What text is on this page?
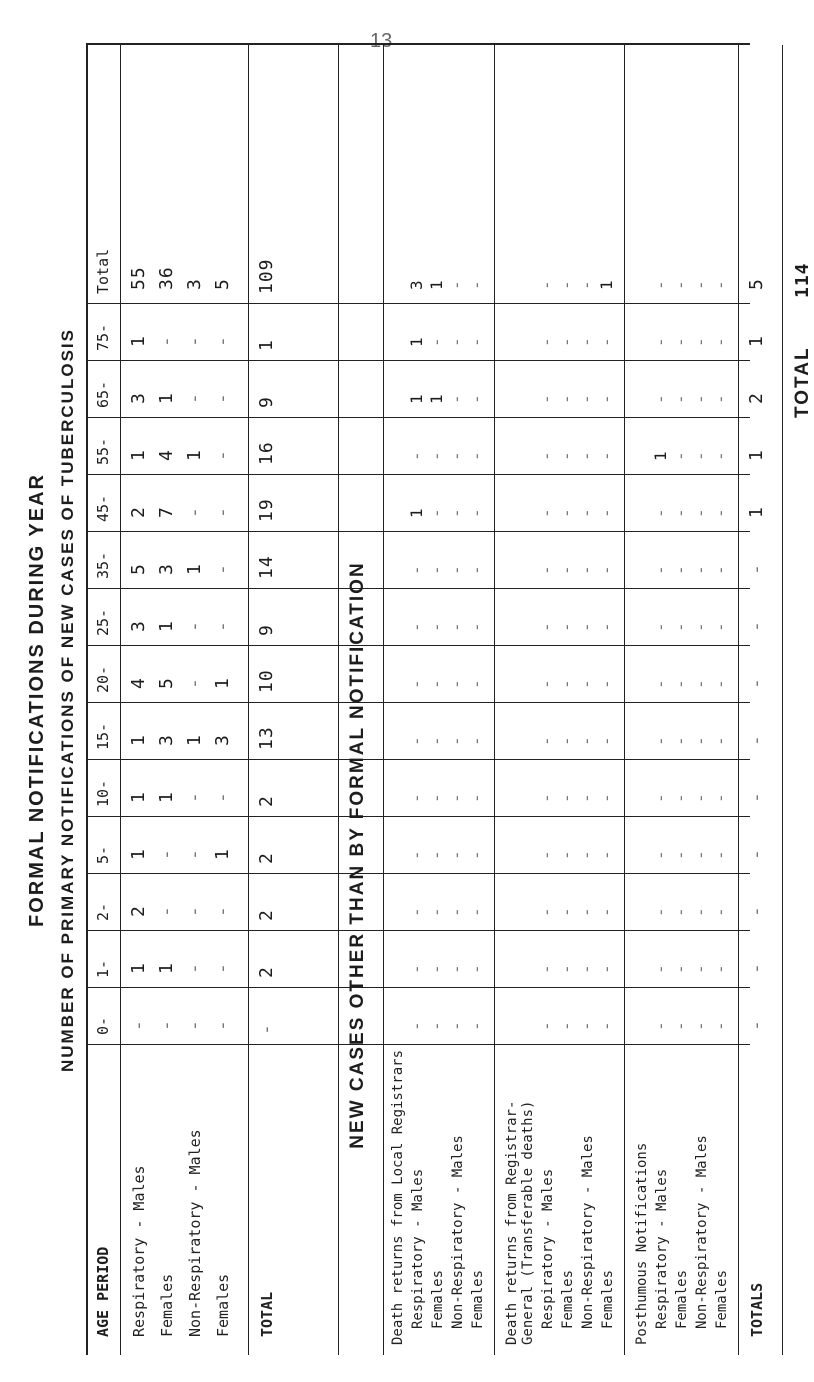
13
FORMAL NOTIFICATIONS DURING YEAR NUMBER OF PRIMARY NOTIFICATIONS OF NEW CASES OF TUBERCULOSIS
AGE PERIOD
0-
1-
2-
5-
10-
15-
20-
25-
35-
45-
55-
65-
75-
Total
Respiratory - Males
-
1
2
1
1
1
4
3
5
2
1
3
1
55
Females
-
1
-
-
1
3
5
1
3
7
4
1
-
36
Non-Respiratory - Males
-
-
-
-
-
1
-
-
1
-
1
-
-
3
Females
-
-
-
1
-
3
1
-
-
-
-
-
-
5
TOTAL
-
2
2
2
2
13
10
9
14
19
16
9
1
109
NEW CASES OTHER THAN BY FORMAL NOTIFICATION
Death returns from Local Registrars Respiratory - Males
-
-
-
-
-
-
-
-
-
1
-
1
1
3
Females
-
-
-
-
-
-
-
-
-
-
-
1
-
1
Non-Respiratory - Males
-
-
-
-
-
-
-
-
-
-
-
-
-
-
Females
-
-
-
-
-
-
-
-
-
-
-
-
-
-
Death returns from Registrar-General (Transferable deaths) Respiratory - Males
-
-
-
-
-
-
-
-
-
-
-
-
-
-
Females
-
-
-
-
-
-
-
-
-
-
-
-
-
-
Non-Respiratory - Males
-
-
-
-
-
-
-
-
-
-
-
-
-
-
Females
-
-
-
-
-
-
-
-
-
-
-
-
-
1
Posthumous Notifications Respiratory - Males
-
-
-
-
-
-
-
-
-
-
1
-
-
-
Females
-
-
-
-
-
-
-
-
-
-
-
-
-
-
Non-Respiratory - Males
-
-
-
-
-
-
-
-
-
-
-
-
-
-
Females
-
-
-
-
-
-
-
-
-
-
-
-
-
-
TOTALS
-
-
-
-
-
-
-
-
-
1
1
2
1
5
TOTAL
114
